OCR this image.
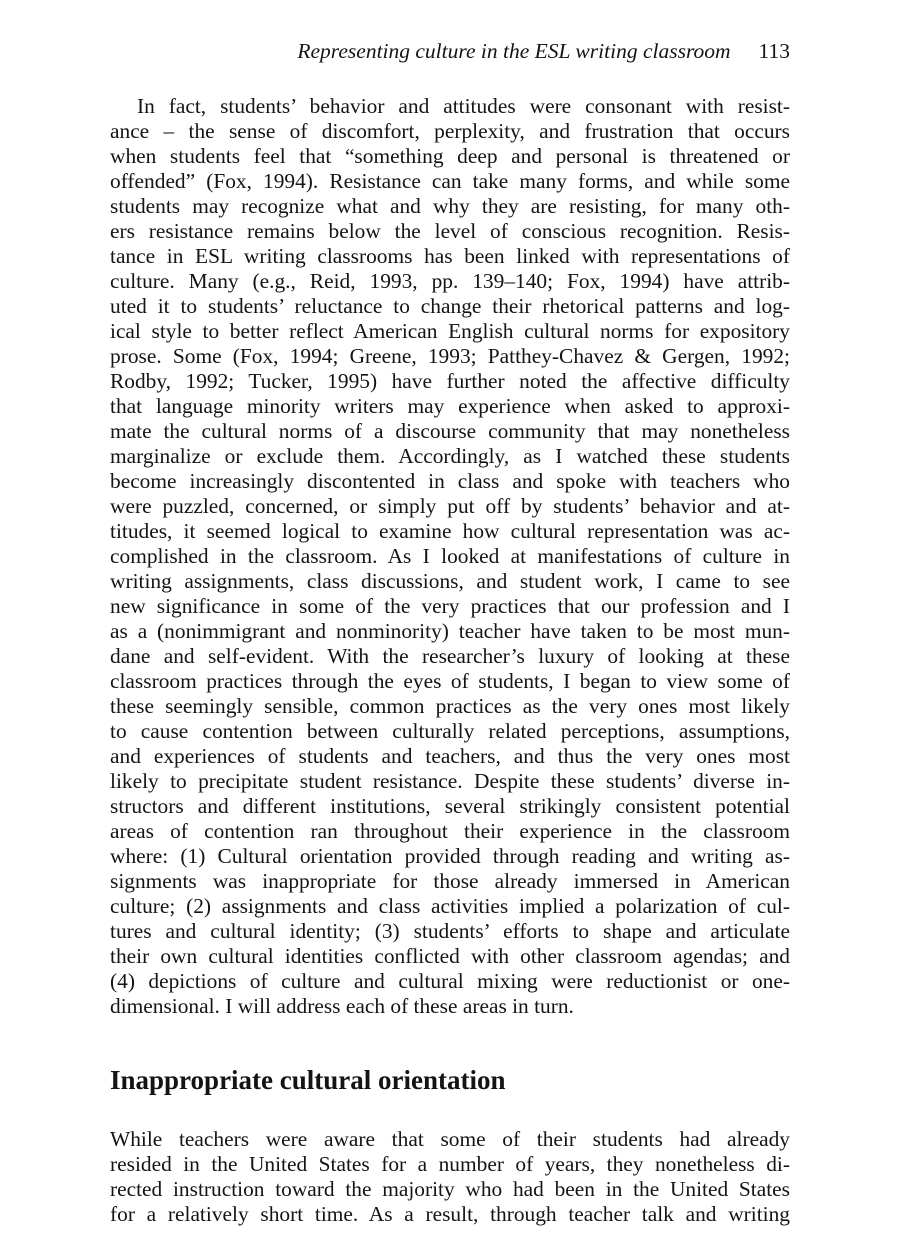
Representing culture in the ESL writing classroom 113
In fact, students’ behavior and attitudes were consonant with resist-
ance – the sense of discomfort, perplexity, and frustration that occurs
when students feel that “something deep and personal is threatened or
offended” (Fox, 1994). Resistance can take many forms, and while some
students may recognize what and why they are resisting, for many oth-
ers resistance remains below the level of conscious recognition. Resis-
tance in ESL writing classrooms has been linked with representations of
culture. Many (e.g., Reid, 1993, pp. 139–140; Fox, 1994) have attrib-
uted it to students’ reluctance to change their rhetorical patterns and log-
ical style to better reflect American English cultural norms for expository
prose. Some (Fox, 1994; Greene, 1993; Patthey-Chavez & Gergen, 1992;
Rodby, 1992; Tucker, 1995) have further noted the affective difficulty
that language minority writers may experience when asked to approxi-
mate the cultural norms of a discourse community that may nonetheless
marginalize or exclude them. Accordingly, as I watched these students
become increasingly discontented in class and spoke with teachers who
were puzzled, concerned, or simply put off by students’ behavior and at-
titudes, it seemed logical to examine how cultural representation was ac-
complished in the classroom. As I looked at manifestations of culture in
writing assignments, class discussions, and student work, I came to see
new significance in some of the very practices that our profession and I
as a (nonimmigrant and nonminority) teacher have taken to be most mun-
dane and self-evident. With the researcher’s luxury of looking at these
classroom practices through the eyes of students, I began to view some of
these seemingly sensible, common practices as the very ones most likely
to cause contention between culturally related perceptions, assumptions,
and experiences of students and teachers, and thus the very ones most
likely to precipitate student resistance. Despite these students’ diverse in-
structors and different institutions, several strikingly consistent potential
areas of contention ran throughout their experience in the classroom
where: (1) Cultural orientation provided through reading and writing as-
signments was inappropriate for those already immersed in American
culture; (2) assignments and class activities implied a polarization of cul-
tures and cultural identity; (3) students’ efforts to shape and articulate
their own cultural identities conflicted with other classroom agendas; and
(4) depictions of culture and cultural mixing were reductionist or one-
dimensional. I will address each of these areas in turn.
Inappropriate cultural orientation
While teachers were aware that some of their students had already
resided in the United States for a number of years, they nonetheless di-
rected instruction toward the majority who had been in the United States
for a relatively short time. As a result, through teacher talk and writing
